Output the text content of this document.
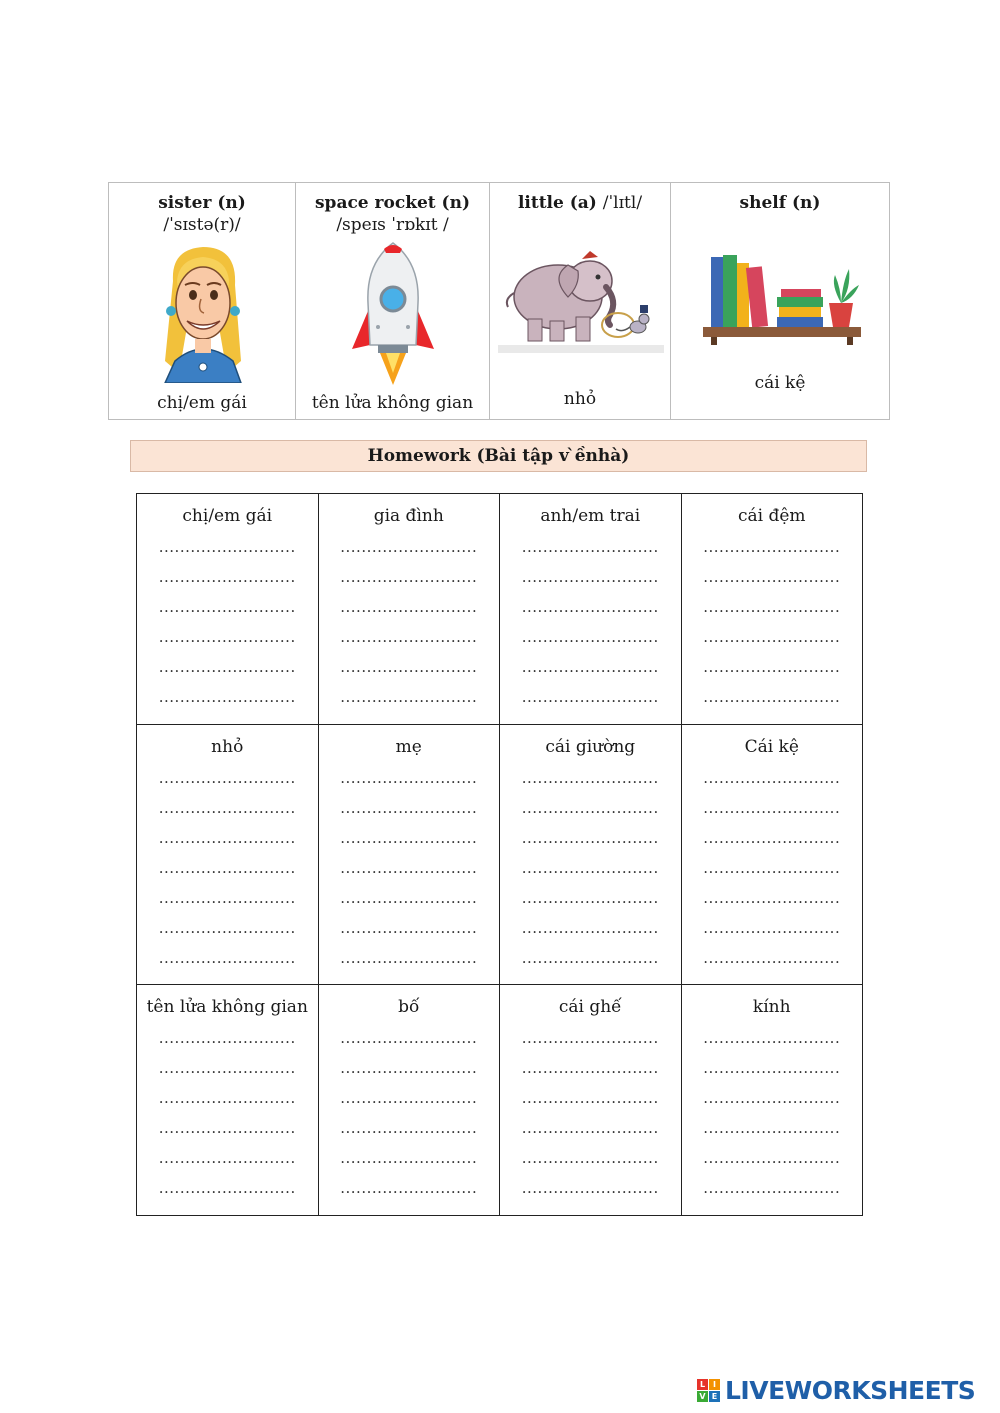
sister (n)
/ˈsɪstə(r)/
chị/em gái
space rocket (n)
/speɪs ˈrɒkɪt /
tên lửa không gian
little (a) /ˈlɪtl/
nhỏ
shelf (n)
cái kệ
Homework (Bài tập v ̀ềnhà)
chị/em gái
..........................
..........................
..........................
..........................
..........................
..........................
gia đình
..........................
..........................
..........................
..........................
..........................
..........................
anh/em trai
..........................
..........................
..........................
..........................
..........................
..........................
cái đệm
..........................
..........................
..........................
..........................
..........................
..........................
nhỏ
..........................
..........................
..........................
..........................
..........................
..........................
..........................
mẹ
..........................
..........................
..........................
..........................
..........................
..........................
..........................
cái giường
..........................
..........................
..........................
..........................
..........................
..........................
..........................
Cái kệ
..........................
..........................
..........................
..........................
..........................
..........................
..........................
tên lửa không gian
..........................
..........................
..........................
..........................
..........................
..........................
bố
..........................
..........................
..........................
..........................
..........................
..........................
cái ghế
..........................
..........................
..........................
..........................
..........................
..........................
kính
..........................
..........................
..........................
..........................
..........................
..........................
L I
V E LIVEWORKSHEETS
